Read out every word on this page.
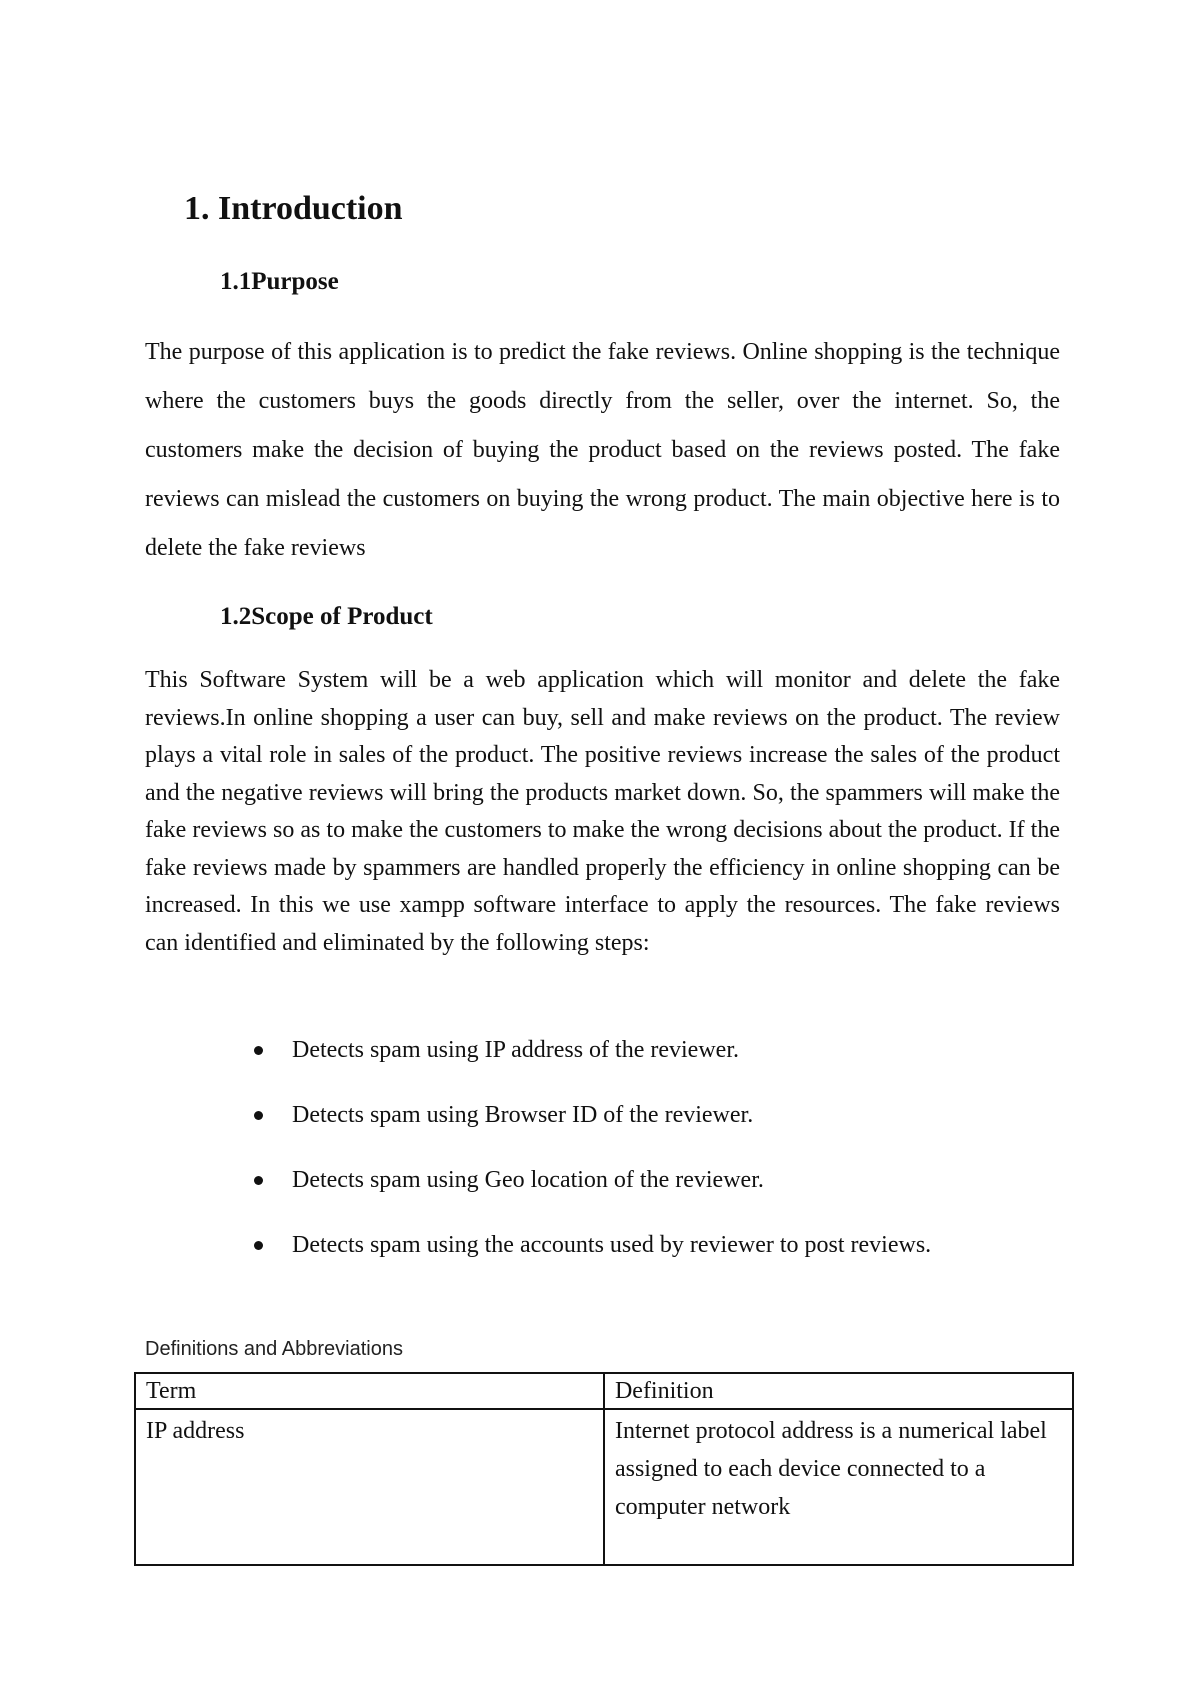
1. Introduction
1.1Purpose

The purpose of this application is to predict the fake reviews. Online shopping is the technique where the customers buys the goods directly from the seller, over the internet. So, the customers make the decision of buying the product based on the reviews posted. The fake reviews can mislead the customers on buying the wrong product. The main objective here is to delete the fake reviews

1.2Scope of Product

This Software System will be a web application which will monitor and delete the fake reviews.In online shopping a user can buy, sell and make reviews on the product. The review plays a vital role in sales of the product. The positive reviews increase the sales of the product and the negative reviews will bring the products market down. So, the spammers will make the fake reviews so as to make the customers to make the wrong decisions about the product. If the fake reviews made by spammers are handled properly the efficiency in online shopping can be increased. In this we use xampp software interface to apply the resources. The fake reviews can identified and eliminated by the following steps:

Detects spam using IP address of the reviewer.
Detects spam using Browser ID of the reviewer.
Detects spam using Geo location of the reviewer.
Detects spam using the accounts used by reviewer to post reviews.
Definitions and Abbreviations
Term	Definition
IP address	Internet protocol address is a numerical label assigned to each device connected to a computer network
